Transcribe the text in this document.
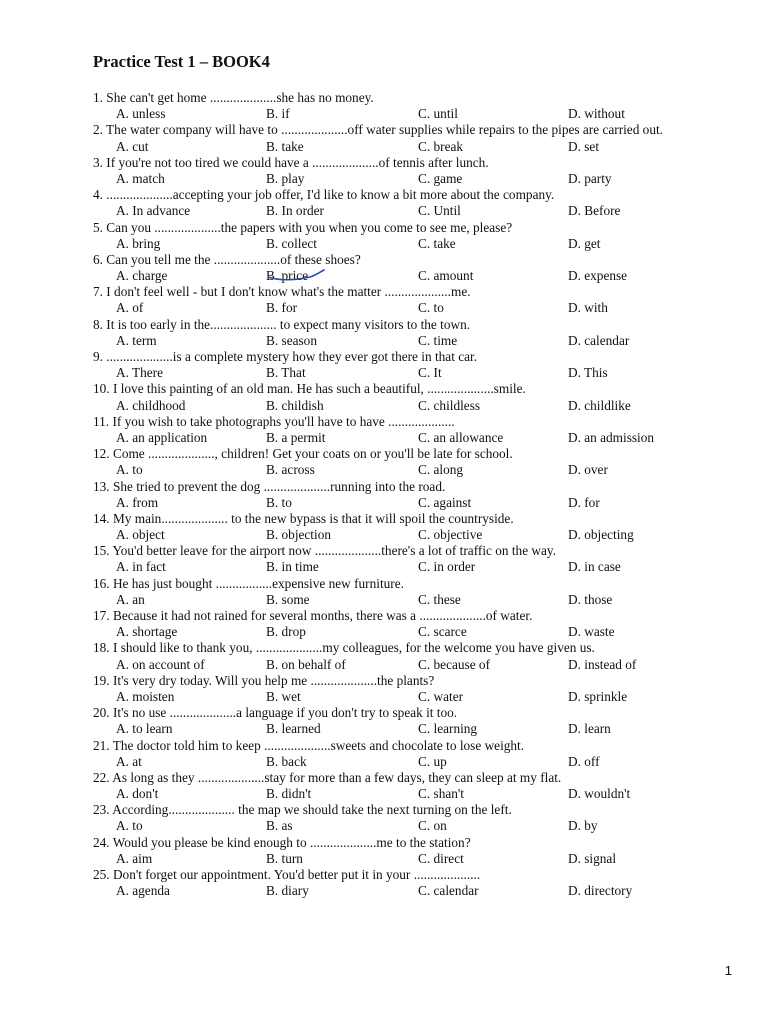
Practice Test 1 – BOOK4
1. She can't get home ....................she has no money.
A. unless	B. if	C. until	D. without
2. The water company will have to ....................off water supplies while repairs to the pipes are carried out.
A. cut	B. take	C. break	D. set
3. If you're not too tired we could have a ....................of tennis after lunch.
A. match	B. play	C. game	D. party
4. ....................accepting your job offer, I'd like to know a bit more about the company.
A. In advance	B. In order	C. Until	D. Before
5. Can you ....................the papers with you when you come to see me, please?
A. bring	B. collect	C. take	D. get
6. Can you tell me the ....................of these shoes?
A. charge	B. price	C. amount	D. expense
7. I don't feel well - but I don't know what's the matter ....................me.
A. of	B. for	C. to	D. with
8. It is too early in the.................... to expect many visitors to the town.
A. term	B. season	C. time	D. calendar
9. ....................is a complete mystery how they ever got there in that car.
A. There	B. That	C. It	D. This
10. I love this painting of an old man. He has such a beautiful, ....................smile.
A. childhood	B. childish	C. childless	D. childlike
11. If you wish to take photographs you'll have to have ....................
A. an application	B. a permit	C. an allowance	D. an admission
12. Come ...................., children! Get your coats on or you'll be late for school.
A. to	B. across	C. along	D. over
13. She tried to prevent the dog ....................running into the road.
A. from	B. to	C. against	D. for
14. My main.................... to the new bypass is that it will spoil the countryside.
A. object	B. objection	C. objective	D. objecting
15. You'd better leave for the airport now ....................there's a lot of traffic on the way.
A. in fact	B. in time	C. in order	D. in case
16. He has just bought .................expensive new furniture.
A. an	B. some	C. these	D. those
17. Because it had not rained for several months, there was a ....................of water.
A. shortage	B. drop	C. scarce	D. waste
18. I should like to thank you, ....................my colleagues, for the welcome you have given us.
A. on account of	B. on behalf of	C. because of	D. instead of
19. It's very dry today. Will you help me ....................the plants?
A. moisten	B. wet	C. water	D. sprinkle
20. It's no use ....................a language if you don't try to speak it too.
A. to learn	B. learned	C. learning	D. learn
21. The doctor told him to keep ....................sweets and chocolate to lose weight.
A. at	B. back	C. up	D. off
22. As long as they ....................stay for more than a few days, they can sleep at my flat.
A. don't	B. didn't	C. shan't	D. wouldn't
23. According.................... the map we should take the next turning on the left.
A. to	B. as	C. on	D. by
24. Would you please be kind enough to ....................me to the station?
A. aim	B. turn	C. direct	D. signal
25. Don't forget our appointment. You'd better put it in your ....................
A. agenda	B. diary	C. calendar	D. directory
1
